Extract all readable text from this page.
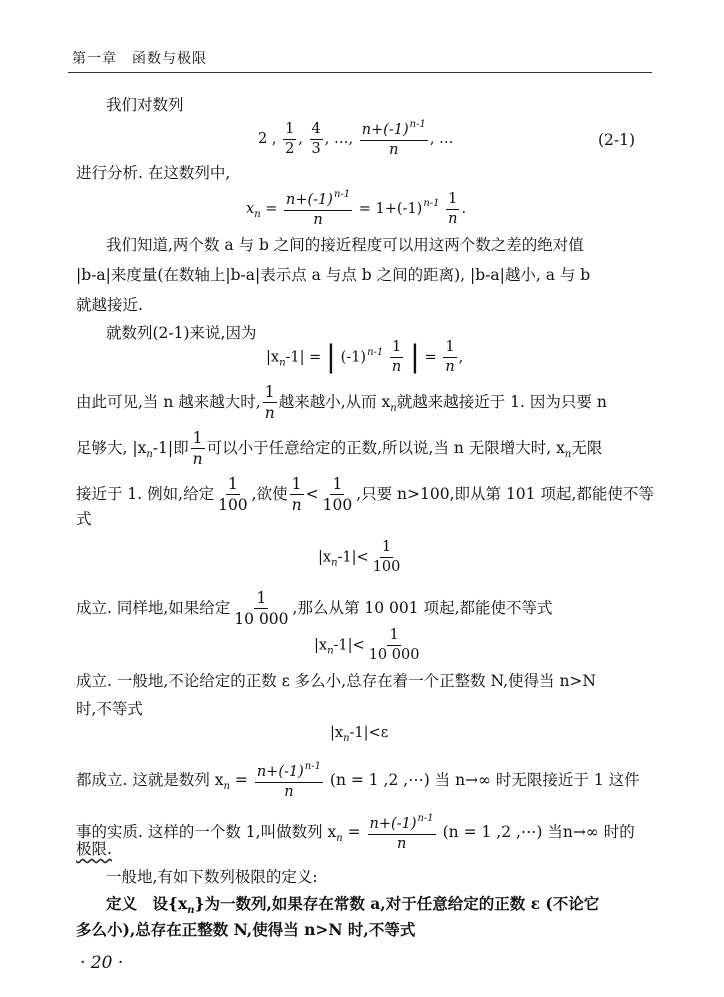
第一章　函数与极限
我们对数列
2 , $\frac{1}{2}$ , $\frac{4}{3}$ , …, $\frac{n+(-1)^{n-1}}{n}$ , …	(2-1)
进行分析. 在这数列中,
$x_n = \frac{n+(-1)^{n-1}}{n} = 1+(-1)^{n-1} \frac{1}{n}$ .
我们知道,两个数 a 与 b 之间的接近程度可以用这两个数之差的绝对值
|b-a|来度量(在数轴上|b-a|表示点 a 与点 b 之间的距离), |b-a|越小, a 与 b
就越接近.
就数列(2-1)来说,因为
$|x_n-1|$ = | $(-1)^{n-1} \frac{1}{n}$ | = $\frac{1}{n}$ ,
由此可见,当 n 越来越大时, $\frac{1}{n}$ 越来越小,从而 $x_n$就越来越接近于 1. 因为只要 n
足够大, $|x_n-1|$即 $\frac{1}{n}$ 可以小于任意给定的正数,所以说,当 n 无限增大时, $x_n$无限
接近于 1. 例如,给定 $\frac{1}{100}$ ,欲使 $\frac{1}{n} < \frac{1}{100}$ ,只要 n>100,即从第 101 项起,都能使不等
式
$|x_n-1|< \frac{1}{100}$
成立. 同样地,如果给定 $\frac{1}{10 000}$ ,那么从第 10 001 项起,都能使不等式
$|x_n-1|< \frac{1}{10 000}$
成立. 一般地,不论给定的正数 ε 多么小,总存在着一个正整数 N,使得当 n>N
时,不等式
$|x_n-1|<\varepsilon$
都成立. 这就是数列 $x_n = \frac{n+(-1)^{n-1}}{n} (n = 1$ ,2 ,⋯) 当 n→∞ 时无限接近于 1 这件
事的实质. 这样的一个数 1,叫做数列 $x_n = \frac{n+(-1)^{n-1}}{n} (n = 1$ ,2 ,⋯) 当n→∞ 时的
极限.
一般地,有如下数列极限的定义:
定义　设$\{x_n\}$为一数列,如果存在常数 a,对于任意给定的正数 ε (不论它
多么小),总存在正整数 N,使得当 n>N 时,不等式
· 20 ·
